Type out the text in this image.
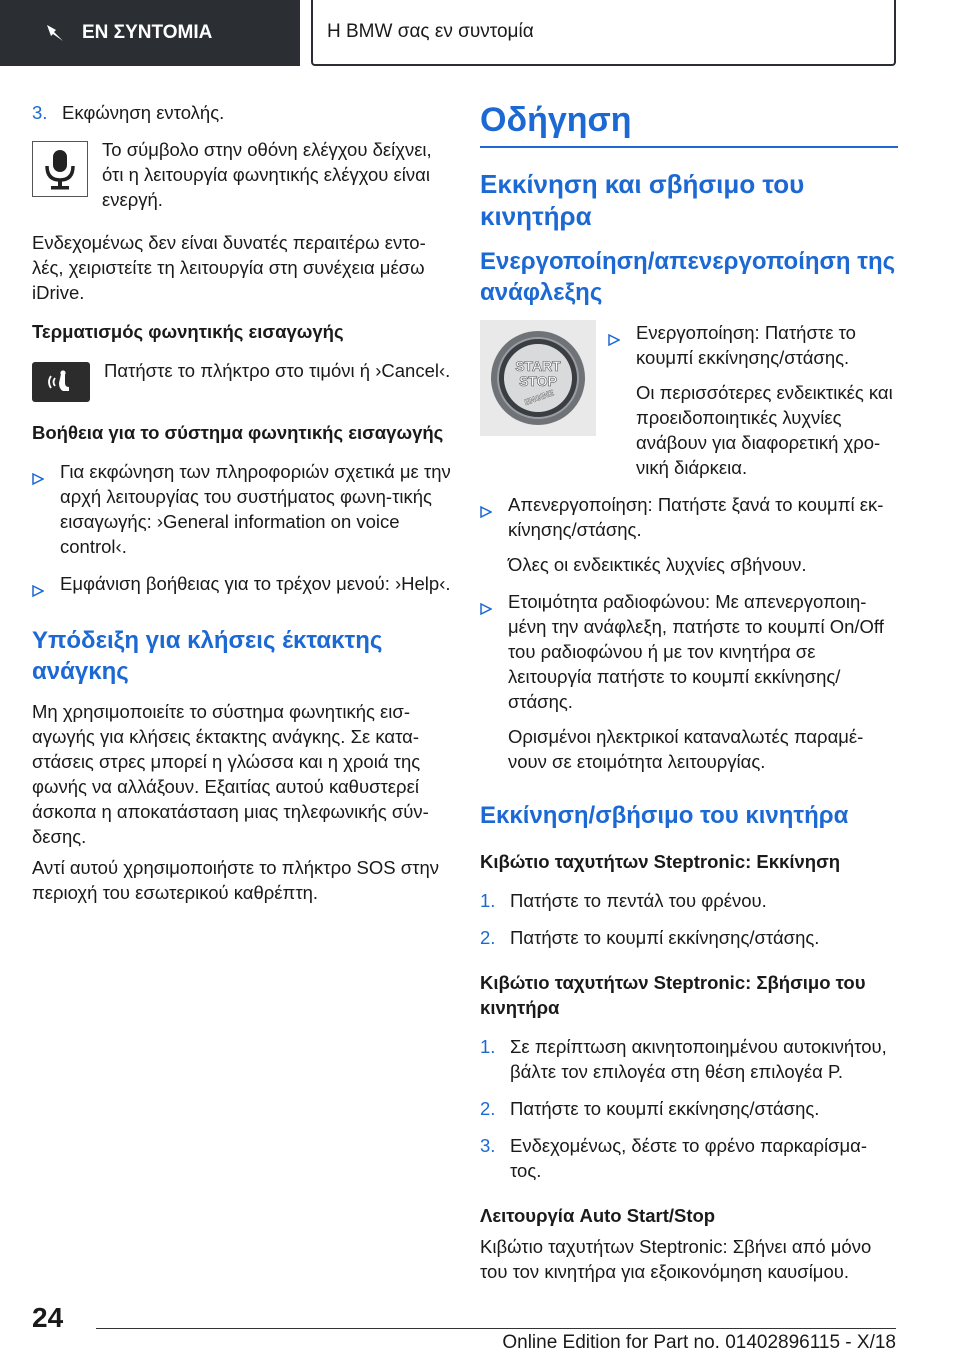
ΕΝ ΣΥΝΤΟΜΙΑ	Η BMW σας εν συντομία
3. Εκφώνηση εντολής.

Το σύμβολο στην οθόνη ελέγχου δείχνει, ότι η λειτουργία φωνητικής ελέγχου είναι ενεργή.

Ενδεχομένως δεν είναι δυνατές περαιτέρω εντο-λές, χειριστείτε τη λειτουργία στη συνέχεια μέσω iDrive.

Τερματισμός φωνητικής εισαγωγής

Πατήστε το πλήκτρο στο τιμόνι ή ›Cancel‹.

Βοήθεια για το σύστημα φωνητικής εισαγωγής
Για εκφώνηση των πληροφοριών σχετικά με την αρχή λειτουργίας του συστήματος φωνη-τικής εισαγωγής: ›General information on voice control‹.
Εμφάνιση βοήθειας για το τρέχον μενού: ›Help‹.
Υπόδειξη για κλήσεις έκτακτης ανάγκης

Μη χρησιμοποιείτε το σύστημα φωνητικής εισ-αγωγής για κλήσεις έκτακτης ανάγκης. Σε κατα-στάσεις στρες μπορεί η γλώσσα και η χροιά της φωνής να αλλάξουν. Εξαιτίας αυτού καθυστερεί άσκοπα η αποκατάσταση μιας τηλεφωνικής σύν-δεσης.

Αντί αυτού χρησιμοποιήστε το πλήκτρο SOS στην περιοχή του εσωτερικού καθρέπτη.

Οδήγηση
Εκκίνηση και σβήσιμο του κινητήρα
Ενεργοποίηση/απενεργοποίηση της ανάφλεξης
START
STOP
ENGINE
Ενεργοποίηση: Πατήστε το κουμπί εκκίνησης/στάσης.

Οι περισσότερες ενδεικτικές και προειδοποιητικές λυχνίες ανάβουν για διαφορετική χρο-νική διάρκεια.

Απενεργοποίηση: Πατήστε ξανά το κουμπί εκ-κίνησης/στάσης.

Όλες οι ενδεικτικές λυχνίες σβήνουν.

Ετοιμότητα ραδιοφώνου: Με απενεργοποιη-μένη την ανάφλεξη, πατήστε το κουμπί On/Off του ραδιοφώνου ή με τον κινητήρα σε λειτουργία πατήστε το κουμπί εκκίνησης/στάσης.

Ορισμένοι ηλεκτρικοί καταναλωτές παραμέ-νουν σε ετοιμότητα λειτουργίας.

Εκκίνηση/σβήσιμο του κινητήρα
Κιβώτιο ταχυτήτων Steptronic: Εκκίνηση
1. Πατήστε το πεντάλ του φρένου.
2. Πατήστε το κουμπί εκκίνησης/στάσης.
Κιβώτιο ταχυτήτων Steptronic: Σβήσιμο του κινητήρα
1. Σε περίπτωση ακινητοποιημένου αυτοκινήτου, βάλτε τον επιλογέα στη θέση επιλογέα P.
2. Πατήστε το κουμπί εκκίνησης/στάσης.
3. Ενδεχομένως, δέστε το φρένο παρκαρίσμα-τος.
Λειτουργία Auto Start/Stop

Κιβώτιο ταχυτήτων Steptronic: Σβήνει από μόνο του τον κινητήρα για εξοικονόμηση καυσίμου.

24
Online Edition for Part no. 01402896115 - X/18
